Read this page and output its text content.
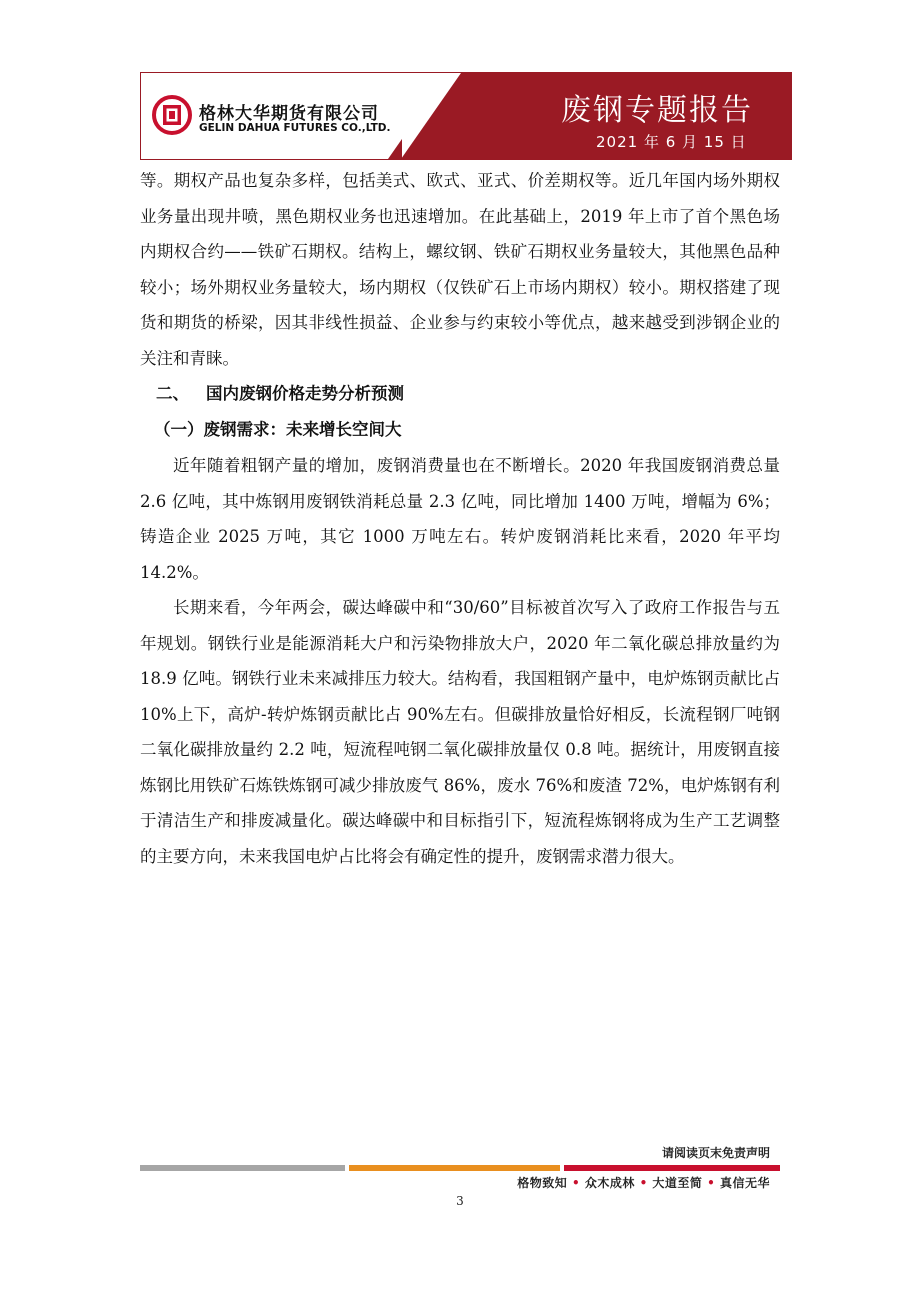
格林大华期货有限公司
GELIN DAHUA FUTURES CO.,LTD.	废钢专题报告
2021 年 6 月 15 日

等。期权产品也复杂多样，包括美式、欧式、亚式、价差期权等。近几年国内场外期权业务量出现井喷，黑色期权业务也迅速增加。在此基础上，2019 年上市了首个黑色场内期权合约——铁矿石期权。结构上，螺纹钢、铁矿石期权业务量较大，其他黑色品种较小；场外期权业务量较大，场内期权（仅铁矿石上市场内期权）较小。期权搭建了现货和期货的桥梁，因其非线性损益、企业参与约束较小等优点，越来越受到涉钢企业的关注和青睐。

二、 国内废钢价格走势分析预测

（一）废钢需求：未来增长空间大

近年随着粗钢产量的增加，废钢消费量也在不断增长。2020 年我国废钢消费总量 2.6 亿吨，其中炼钢用废钢铁消耗总量 2.3 亿吨，同比增加 1400 万吨，增幅为 6%；铸造企业 2025 万吨，其它 1000 万吨左右。转炉废钢消耗比来看，2020 年平均 14.2%。

长期来看，今年两会，碳达峰碳中和“30/60”目标被首次写入了政府工作报告与五年规划。钢铁行业是能源消耗大户和污染物排放大户，2020 年二氧化碳总排放量约为 18.9 亿吨。钢铁行业未来减排压力较大。结构看，我国粗钢产量中，电炉炼钢贡献比占 10%上下，高炉-转炉炼钢贡献比占 90%左右。但碳排放量恰好相反，长流程钢厂吨钢二氧化碳排放量约 2.2 吨，短流程吨钢二氧化碳排放量仅 0.8 吨。据统计，用废钢直接炼钢比用铁矿石炼铁炼钢可减少排放废气 86%，废水 76%和废渣 72%，电炉炼钢有利于清洁生产和排废减量化。碳达峰碳中和目标指引下，短流程炼钢将成为生产工艺调整的主要方向，未来我国电炉占比将会有确定性的提升，废钢需求潜力很大。

请阅读页末免责声明
格物致知 • 众木成林 • 大道至简 • 真信无华
3
